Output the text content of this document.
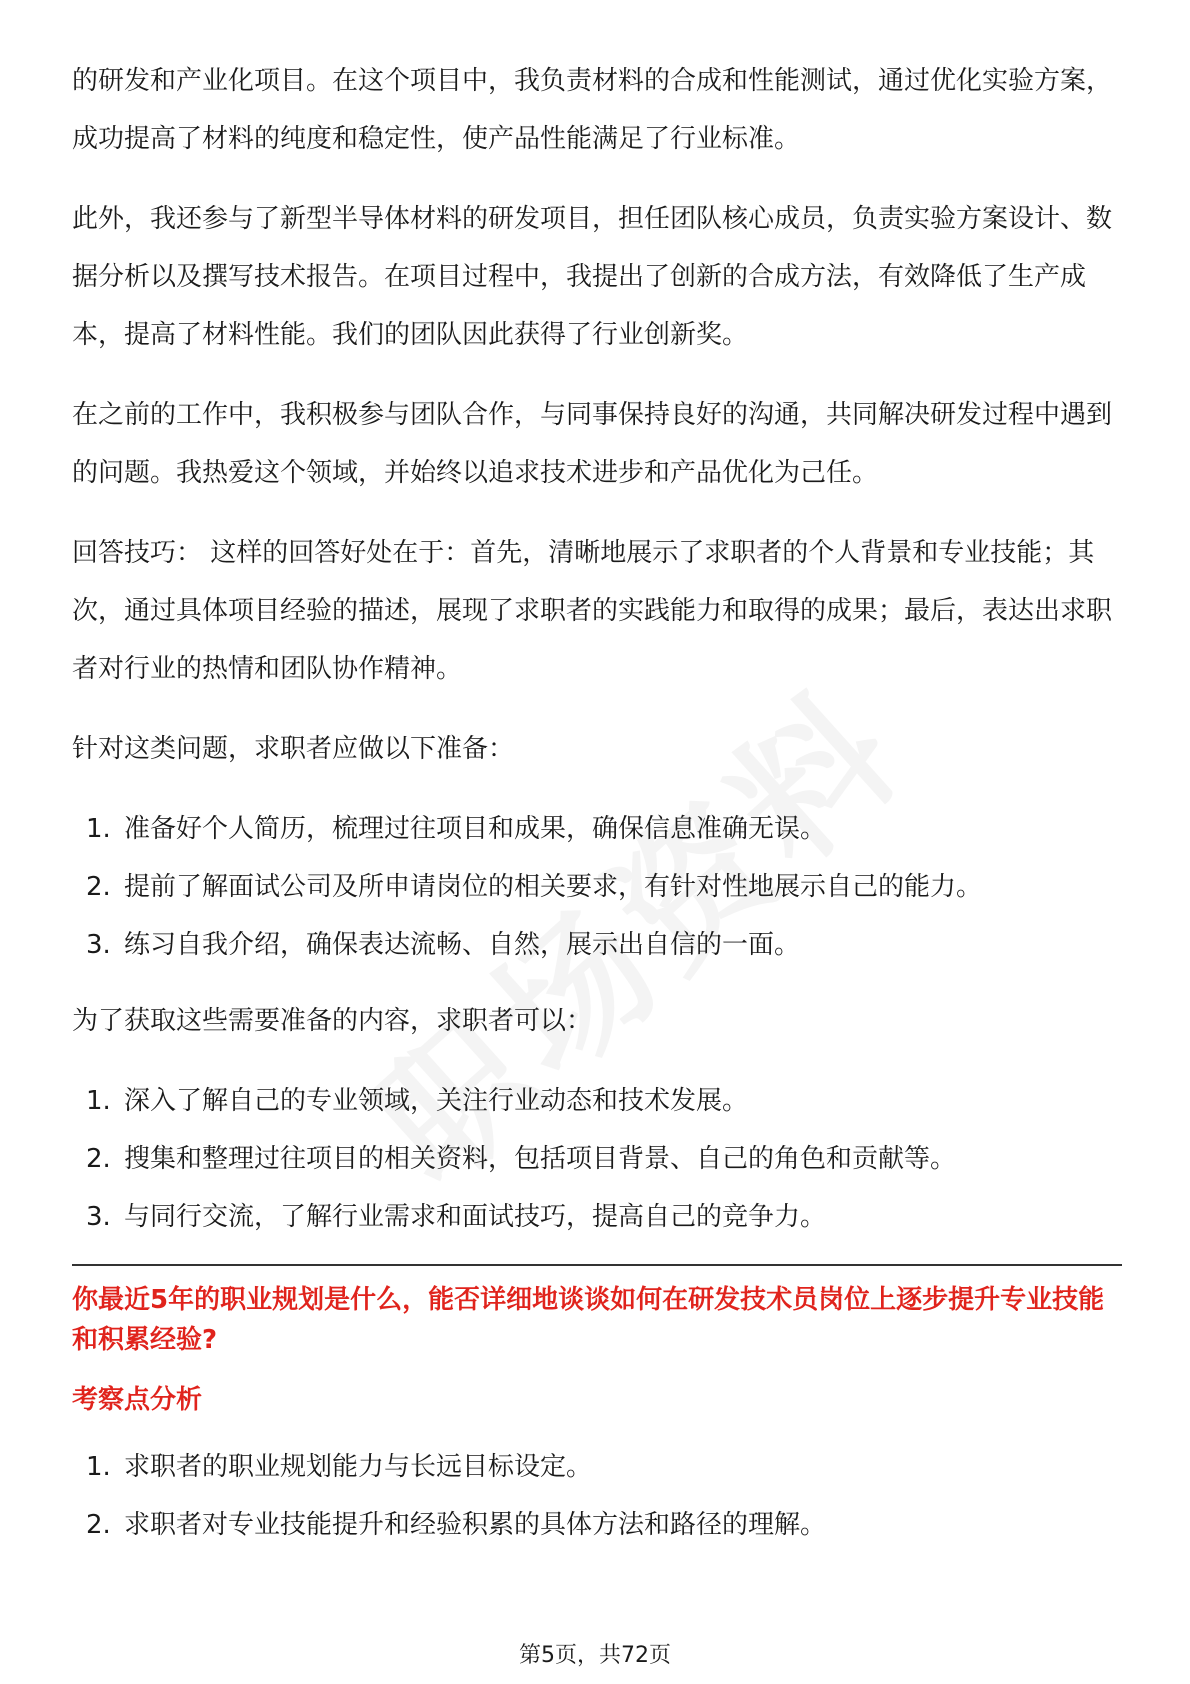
的研发和产业化项目。在这个项目中，我负责材料的合成和性能测试，通过优化实验方案，成功提高了材料的纯度和稳定性，使产品性能满足了行业标准。

此外，我还参与了新型半导体材料的研发项目，担任团队核心成员，负责实验方案设计、数据分析以及撰写技术报告。在项目过程中，我提出了创新的合成方法，有效降低了生产成本，提高了材料性能。我们的团队因此获得了行业创新奖。

在之前的工作中，我积极参与团队合作，与同事保持良好的沟通，共同解决研发过程中遇到的问题。我热爱这个领域，并始终以追求技术进步和产品优化为己任。

回答技巧： 这样的回答好处在于：首先，清晰地展示了求职者的个人背景和专业技能；其次，通过具体项目经验的描述，展现了求职者的实践能力和取得的成果；最后，表达出求职者对行业的热情和团队协作精神。

针对这类问题，求职者应做以下准备：

1. 准备好个人简历，梳理过往项目和成果，确保信息准确无误。
2. 提前了解面试公司及所申请岗位的相关要求，有针对性地展示自己的能力。
3. 练习自我介绍，确保表达流畅、自然，展示出自信的一面。

为了获取这些需要准备的内容，求职者可以：

1. 深入了解自己的专业领域，关注行业动态和技术发展。
2. 搜集和整理过往项目的相关资料，包括项目背景、自己的角色和贡献等。
3. 与同行交流，了解行业需求和面试技巧，提高自己的竞争力。

你最近5年的职业规划是什么，能否详细地谈谈如何在研发技术员岗位上逐步提升专业技能和积累经验?

考察点分析

1. 求职者的职业规划能力与长远目标设定。
2. 求职者对专业技能提升和经验积累的具体方法和路径的理解。
第5页，共72页
